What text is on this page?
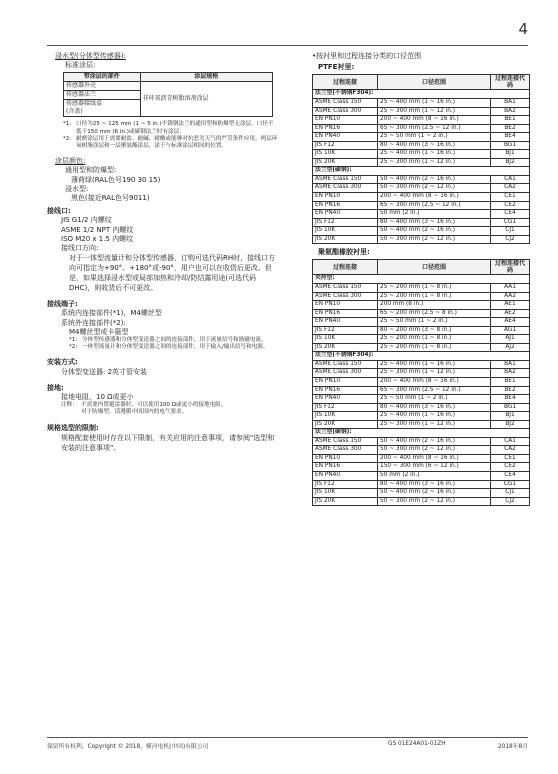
4
浸水型(分体型传感器):
标准涂层:
带涂层的部件	涂层规格
传感器外壳	非环氧沥青树脂溶剂涂层
传感器法兰	
传感器接线盒
(含盖)	
*1: 口径为25 ~ 125 mm (1 ~ 5 in.)不锈钢法兰的通用型和防爆型无涂层。口径不低于150 mm (6 in.)或碳钢法兰时有涂层。
*2: 耐磨涂层用于需要耐盐、耐碱、耐酸或能够对抗恶劣天气的严苛条件应用。两层环氧树脂涂层和一层聚氨酯涂层，涂于与标准涂层相同的位置。
涂层颜色:
通用型和防爆型:
薄荷绿(RAL色号190 30 15)
浸水型:
黑色(接近RAL色号9011)
接线口:
JIS G1/2 内螺纹
ASME 1/2 NPT 内螺纹
ISO M20 x 1.5 内螺纹
接线口方向:
对于一体型流量计和分体型传感器，订购可选代码RH时，接线口方向可指定为+90°、+180°或-90°，用户也可以在收货后更改。但是，如果选择浸水型或局部加热和冷却/防结露用途(可选代码DHC)，则收货后不可更改。
接线端子:
系统内连接部件(*1)，M4螺丝型
系统外连接部件(*2):
M4螺丝型或卡箍型
*1: 分体型传感器和分体型变送器之间的连接部件，用于流量信号和励磁电流。
*2: 一体型流量计和分体型变送器之间的连接部件，用于输入/输出信号和电源。
安装方式:
分体型变送器: 2英寸管安装
接地:
接地电阻，10 Ω或更小
注释： 不需要内置避雷器时，可以使用100 Ω或更小的接地电阻。
对于防爆型，请遵循中国国内的电气要求。
规格选型的限制:
规格配套使用时存在以下限制，有关应用的注意事项，请参阅"选型和安装的注意事项"。
•按衬里和过程连接分类的口径范围
PTFE衬里:
过程连接	口径范围	过程连接代码
法兰型(不锈钢F304):		
ASME Class 150	25 ~ 400 mm (1 ~ 16 in.)	BA1
ASME Class 300	25 ~ 300 mm (1 ~ 12 in.)	BA2
EN PN10	200 ~ 400 mm (8 ~ 16 in.)	BE1
EN PN16	65 ~ 300 mm (2.5 ~ 12 in.)	BE2
EN PN40	25 ~ 50 mm (1 ~ 2 in.)	BE4
JIS F12	80 ~ 400 mm (3 ~ 16 in.)	BG1
JIS 10K	25 ~ 400 mm (1 ~ 16 in.)	BJ1
JIS 20K	25 ~ 300 mm (1 ~ 12 in.)	BJ2
法兰型(碳钢):		
ASME Class 150	50 ~ 400 mm (2 ~ 16 in.)	CA1
ASME Class 300	50 ~ 300 mm (2 ~ 12 in.)	CA2
EN PN10	200 ~ 400 mm (8 ~ 16 in.)	CE1
EN PN16	65 ~ 300 mm (2.5 ~ 12 in.)	CE2
EN PN40	50 mm (2 in.)	CE4
JIS F12	80 ~ 400 mm (3 ~ 16 in.)	CG1
JIS 10K	50 ~ 400 mm (2 ~ 16 in.)	CJ1
JIS 20K	50 ~ 300 mm (2 ~ 12 in.)	CJ2
聚氨酯橡胶衬里:
过程连接	口径范围	过程连接代码
夹持型:		
ASME Class 150	25 ~ 200 mm (1 ~ 8 in.)	AA1
ASME Class 300	25 ~ 200 mm (1 ~ 8 in.)	AA2
EN PN10	200 mm (8 in.)	AE1
EN PN16	65 ~ 200 mm (2.5 ~ 8 in.)	AE2
EN PN40	25 ~ 50 mm (1 ~ 2 in.)	AE4
JIS F12	80 ~ 200 mm (3 ~ 8 in.)	AG1
JIS 10K	25 ~ 200 mm (1 ~ 8 in.)	AJ1
JIS 20K	25 ~ 200 mm (1 ~ 8 in.)	AJ2
法兰型(不锈钢F304):		
ASME Class 150	25 ~ 400 mm (1 ~ 16 in.)	BA1
ASME Class 300	25 ~ 300 mm (1 ~ 12 in.)	BA2
EN PN10	200 ~ 400 mm (8 ~ 16 in.)	BE1
EN PN16	65 ~ 300 mm (2.5 ~ 12 in.)	BE2
EN PN40	25 ~ 50 mm (1 ~ 2 in.)	BE4
JIS F12	80 ~ 400 mm (3 ~ 16 in.)	BG1
JIS 10K	25 ~ 400 mm (1 ~ 16 in.)	BJ1
JIS 20K	25 ~ 300 mm (1 ~ 12 in.)	BJ2
法兰型(碳钢):		
ASME Class 150	50 ~ 400 mm (2 ~ 16 in.)	CA1
ASME Class 300	50 ~ 300 mm (2 ~ 12 in.)	CA2
EN PN10	200 ~ 400 mm (8 ~ 16 in.)	CE1
EN PN16	150 ~ 300 mm (6 ~ 12 in.)	CE2
EN PN40	50 mm (2 in.)	CE4
JIS F12	80 ~ 400 mm (3 ~ 16 in.)	CG1
JIS 10K	50 ~ 400 mm (2 ~ 16 in.)	CJ1
JIS 20K	50 ~ 300 mm (2 ~ 12 in.)	CJ2
保留所有权利。Copyright © 2018，横河电机(中国)有限公司	GS 01E24A01-01ZH	2018年8月
